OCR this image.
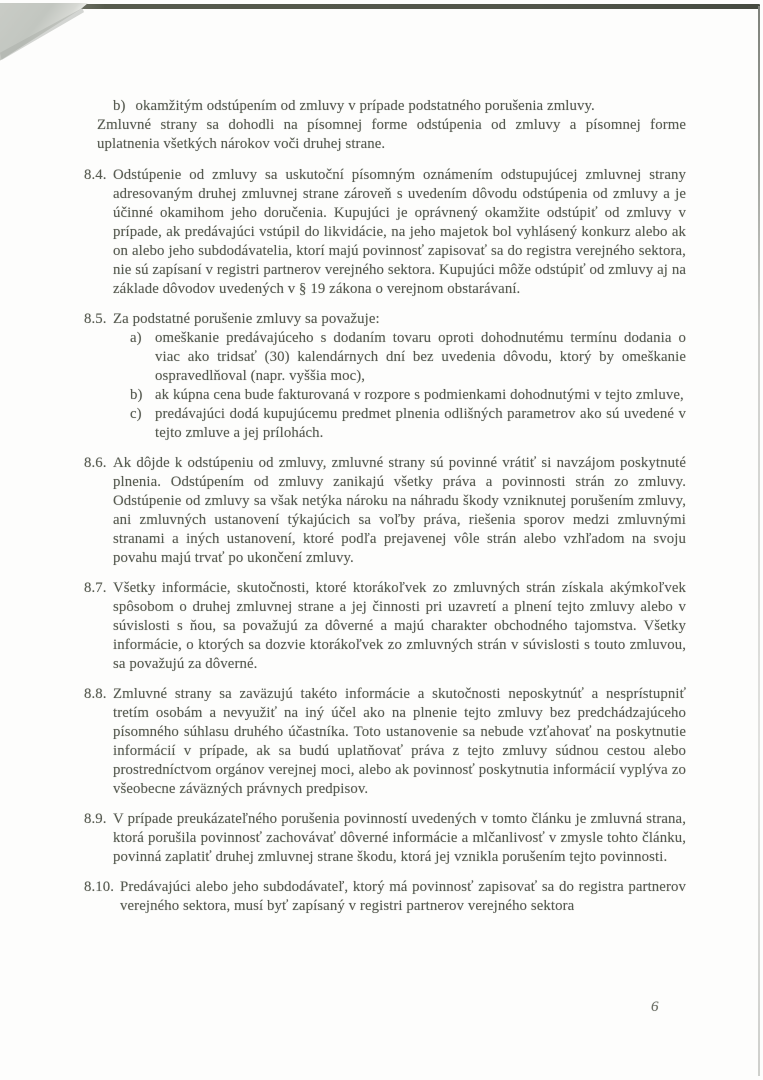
b) okamžitým odstúpením od zmluvy v prípade podstatného porušenia zmluvy.
Zmluvné strany sa dohodli na písomnej forme odstúpenia od zmluvy a písomnej forme uplatnenia všetkých nárokov voči druhej strane.
8.4. Odstúpenie od zmluvy sa uskutoční písomným oznámením odstupujúcej zmluvnej strany adresovaným druhej zmluvnej strane zároveň s uvedením dôvodu odstúpenia od zmluvy a je účinné okamihom jeho doručenia. Kupujúci je oprávnený okamžite odstúpiť od zmluvy v prípade, ak predávajúci vstúpil do likvidácie, na jeho majetok bol vyhlásený konkurz alebo ak on alebo jeho subdodávatelia, ktorí majú povinnosť zapisovať sa do registra verejného sektora, nie sú zapísaní v registri partnerov verejného sektora. Kupujúci môže odstúpiť od zmluvy aj na základe dôvodov uvedených v § 19 zákona o verejnom obstarávaní.
8.5. Za podstatné porušenie zmluvy sa považuje:
a) omeškanie predávajúceho s dodaním tovaru oproti dohodnutému termínu dodania o viac ako tridsať (30) kalendárnych dní bez uvedenia dôvodu, ktorý by omeškanie ospravedlňoval (napr. vyššia moc),
b) ak kúpna cena bude fakturovaná v rozpore s podmienkami dohodnutými v tejto zmluve,
c) predávajúci dodá kupujúcemu predmet plnenia odlišných parametrov ako sú uvedené v tejto zmluve a jej prílohách.
8.6. Ak dôjde k odstúpeniu od zmluvy, zmluvné strany sú povinné vrátiť si navzájom poskytnuté plnenia. Odstúpením od zmluvy zanikajú všetky práva a povinnosti strán zo zmluvy. Odstúpenie od zmluvy sa však netýka nároku na náhradu škody vzniknutej porušením zmluvy, ani zmluvných ustanovení týkajúcich sa voľby práva, riešenia sporov medzi zmluvnými stranami a iných ustanovení, ktoré podľa prejavenej vôle strán alebo vzhľadom na svoju povahu majú trvať po ukončení zmluvy.
8.7. Všetky informácie, skutočnosti, ktoré ktorákoľvek zo zmluvných strán získala akýmkoľvek spôsobom o druhej zmluvnej strane a jej činnosti pri uzavretí a plnení tejto zmluvy alebo v súvislosti s ňou, sa považujú za dôverné a majú charakter obchodného tajomstva. Všetky informácie, o ktorých sa dozvie ktorákoľvek zo zmluvných strán v súvislosti s touto zmluvou, sa považujú za dôverné.
8.8. Zmluvné strany sa zaväzujú takéto informácie a skutočnosti neposkytnúť a nesprístupniť tretím osobám a nevyužiť na iný účel ako na plnenie tejto zmluvy bez predchádzajúceho písomného súhlasu druhého účastníka. Toto ustanovenie sa nebude vzťahovať na poskytnutie informácií v prípade, ak sa budú uplatňovať práva z tejto zmluvy súdnou cestou alebo prostredníctvom orgánov verejnej moci, alebo ak povinnosť poskytnutia informácií vyplýva zo všeobecne záväzných právnych predpisov.
8.9. V prípade preukázateľného porušenia povinností uvedených v tomto článku je zmluvná strana, ktorá porušila povinnosť zachovávať dôverné informácie a mlčanlivosť v zmysle tohto článku, povinná zaplatiť druhej zmluvnej strane škodu, ktorá jej vznikla porušením tejto povinnosti.
8.10. Predávajúci alebo jeho subdodávateľ, ktorý má povinnosť zapisovať sa do registra partnerov verejného sektora, musí byť zapísaný v registri partnerov verejného sektora
6
